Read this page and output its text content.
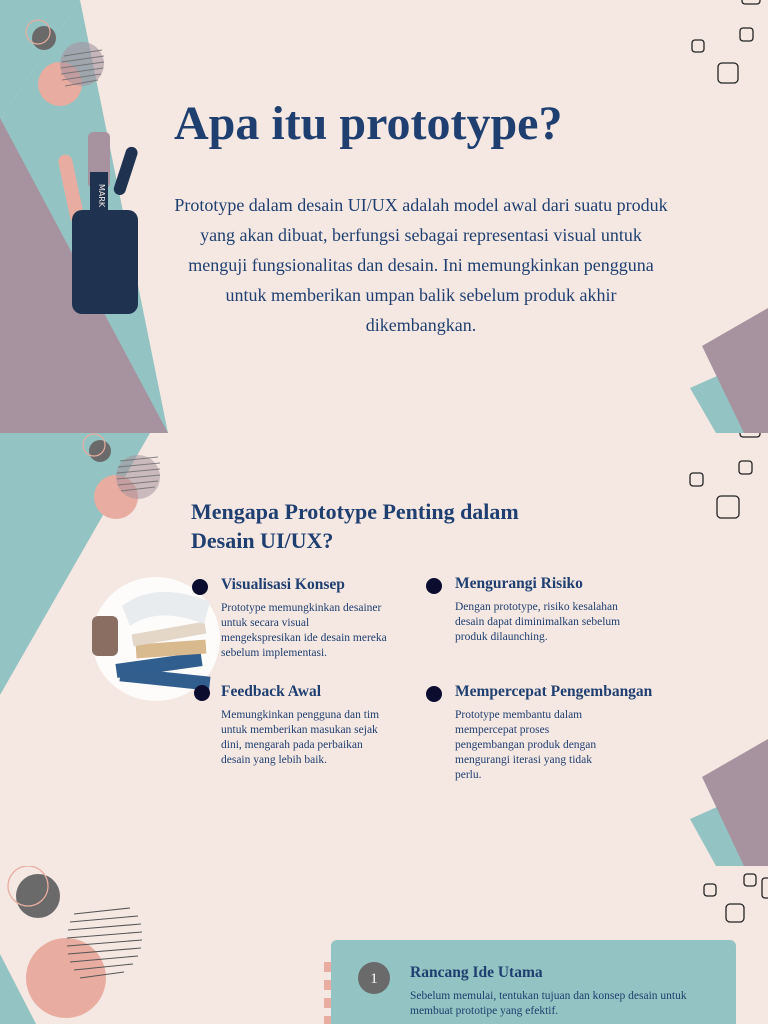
MARK
Apa itu prototype?
Prototype dalam desain UI/UX adalah model awal dari suatu produk yang akan dibuat, berfungsi sebagai representasi visual untuk menguji fungsionalitas dan desain. Ini memungkinkan pengguna untuk memberikan umpan balik sebelum produk akhir dikembangkan.
Mengapa Prototype Penting dalam Desain UI/UX?
Visualisasi Konsep
Prototype memungkinkan desainer untuk secara visual mengekspresikan ide desain mereka sebelum implementasi.
Mengurangi Risiko
Dengan prototype, risiko kesalahan desain dapat diminimalkan sebelum produk dilaunching.
Feedback Awal
Memungkinkan pengguna dan tim untuk memberikan masukan sejak dini, mengarah pada perbaikan desain yang lebih baik.
Mempercepat Pengembangan
Prototype membantu dalam mempercepat proses pengembangan produk dengan mengurangi iterasi yang tidak perlu.
1	Rancang Ide Utama
Sebelum memulai, tentukan tujuan dan konsep desain untuk membuat prototipe yang efektif.
